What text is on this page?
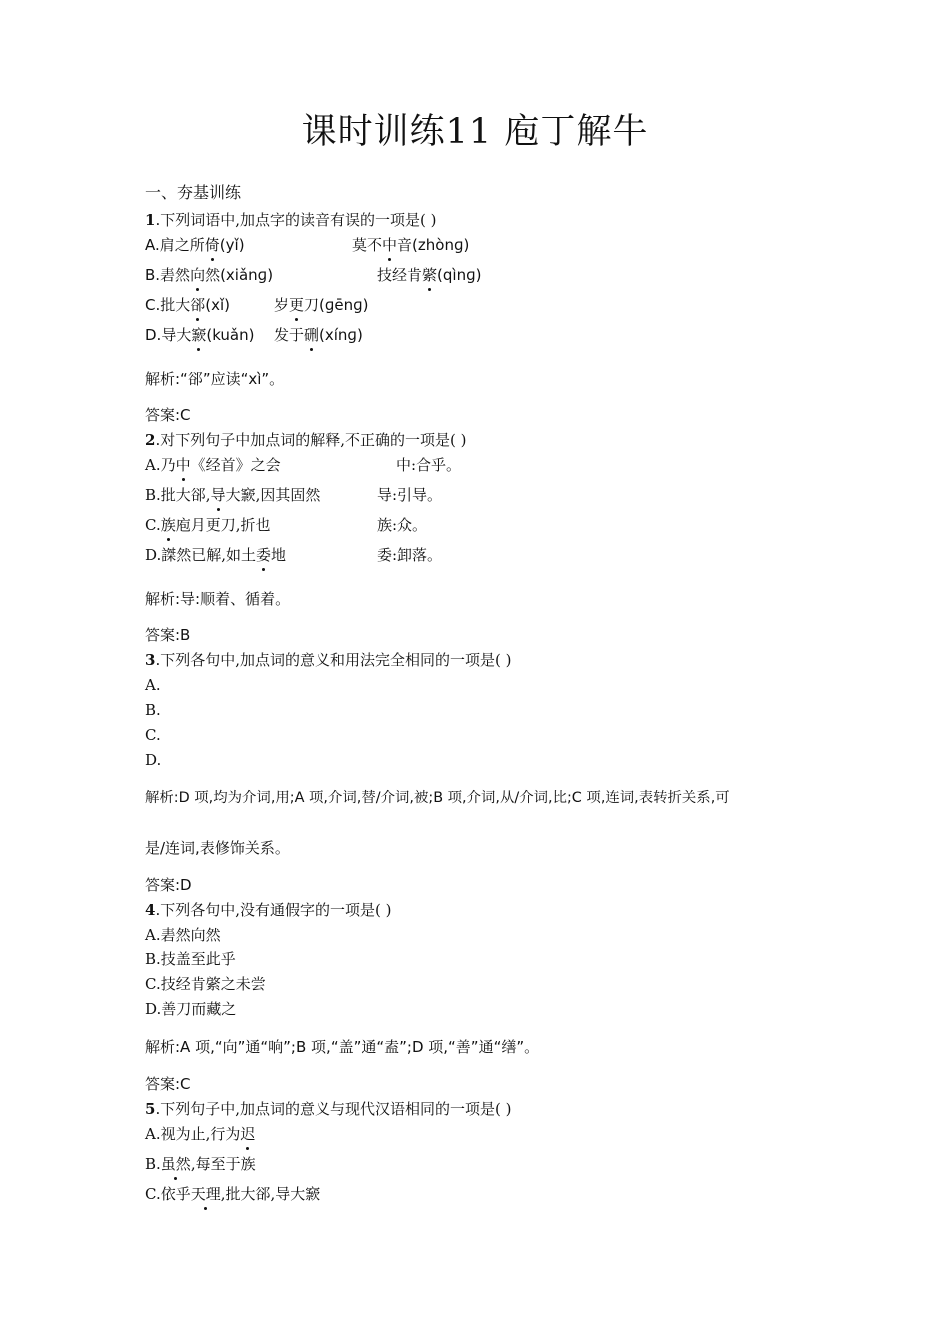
课时训练11 庖丁解牛
一、夯基训练
1.下列词语中,加点字的读音有误的一项是( )
A.肩之所倚(yǐ)	莫不中音(zhònɡ)
B.砉然向然(xiǎnɡ)	技经肯綮(qìnɡ)
C.批大郤(xǐ)	岁更刀(ɡēnɡ)
D.导大窾(kuǎn) 发于硎(xínɡ)
解析:“郤”应读“xì”。
答案:C
2.对下列句子中加点词的解释,不正确的一项是( )
A.乃中《经首》之会	中:合乎。
B.批大郤,导大窾,因其固然	导:引导。
C.族庖月更刀,折也	族:众。
D.謋然已解,如土委地	委:卸落。
解析:导:顺着、循着。
答案:B
3.下列各句中,加点词的意义和用法完全相同的一项是( )
A.
B.
C.
D.
解析:D 项,均为介词,用;A 项,介词,替/介词,被;B 项,介词,从/介词,比;C 项,连词,表转折关系,可
是/连词,表修饰关系。
答案:D
4.下列各句中,没有通假字的一项是( )
A.砉然向然
B.技盖至此乎
C.技经肯綮之未尝
D.善刀而藏之
解析:A 项,“向”通“响”;B 项,“盖”通“盍”;D 项,“善”通“缮”。
答案:C
5.下列句子中,加点词的意义与现代汉语相同的一项是( )
A.视为止,行为迟
B.虽然,每至于族
C.依乎天理,批大郤,导大窾
